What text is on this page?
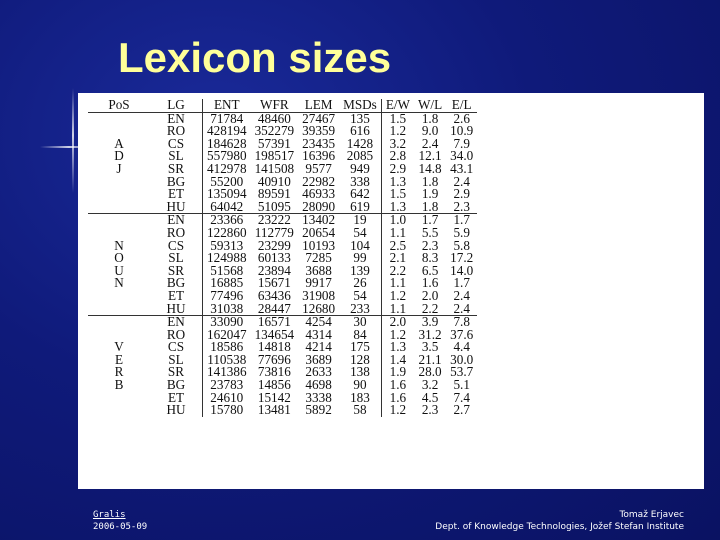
Lexicon sizes
PoS	LG	ENT	WFR	LEM	MSDs	E/W	W/L	E/L
	EN	71784	48460	27467	135	1.5	1.8	2.6
	RO	428194	352279	39359	616	1.2	9.0	10.9
A	CS	184628	57391	23435	1428	3.2	2.4	7.9
D	SL	557980	198517	16396	2085	2.8	12.1	34.0
J	SR	412978	141508	9577	949	2.9	14.8	43.1
	BG	55200	40910	22982	338	1.3	1.8	2.4
	ET	135094	89591	46933	642	1.5	1.9	2.9
	HU	64042	51095	28090	619	1.3	1.8	2.3
	EN	23366	23222	13402	19	1.0	1.7	1.7
	RO	122860	112779	20654	54	1.1	5.5	5.9
N	CS	59313	23299	10193	104	2.5	2.3	5.8
O	SL	124988	60133	7285	99	2.1	8.3	17.2
U	SR	51568	23894	3688	139	2.2	6.5	14.0
N	BG	16885	15671	9917	26	1.1	1.6	1.7
	ET	77496	63436	31908	54	1.2	2.0	2.4
	HU	31038	28447	12680	233	1.1	2.2	2.4
	EN	33090	16571	4254	30	2.0	3.9	7.8
	RO	162047	134654	4314	84	1.2	31.2	37.6
V	CS	18586	14818	4214	175	1.3	3.5	4.4
E	SL	110538	77696	3689	128	1.4	21.1	30.0
R	SR	141386	73816	2633	138	1.9	28.0	53.7
B	BG	23783	14856	4698	90	1.6	3.2	5.1
	ET	24610	15142	3338	183	1.6	4.5	7.4
	HU	15780	13481	5892	58	1.2	2.3	2.7
Gralis
2006-05-09
Tomaž Erjavec
Dept. of Knowledge Technologies, Jožef Stefan Institute
